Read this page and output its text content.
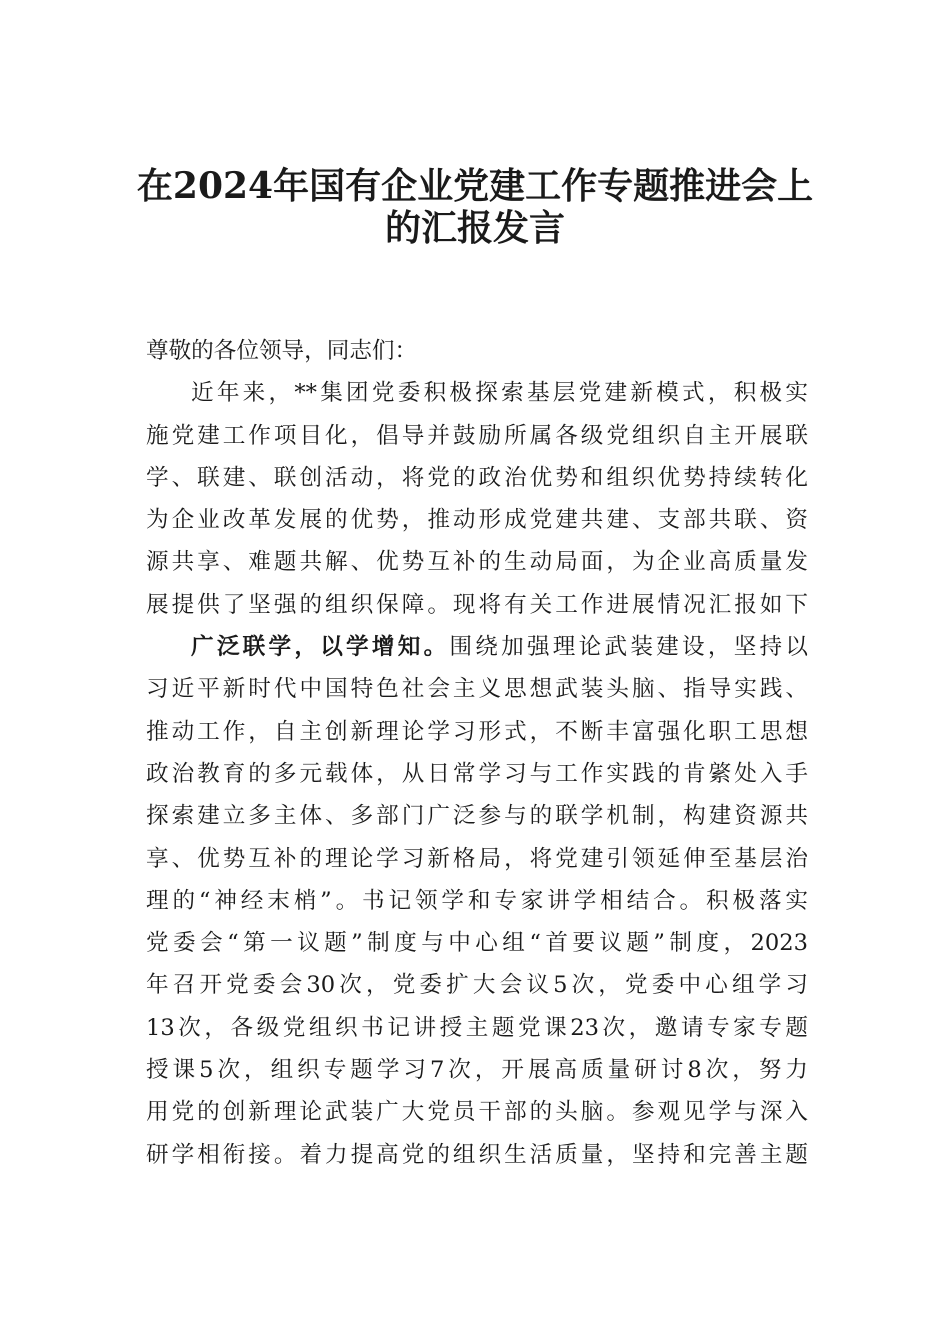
在2024年国有企业党建工作专题推进会上
的汇报发言
尊敬的各位领导，同志们：
近年来，**集团党委积极探索基层党建新模式，积极实
施党建工作项目化，倡导并鼓励所属各级党组织自主开展联
学、联建、联创活动，将党的政治优势和组织优势持续转化
为企业改革发展的优势，推动形成党建共建、支部共联、资
源共享、难题共解、优势互补的生动局面，为企业高质量发
展提供了坚强的组织保障。现将有关工作进展情况汇报如下
广泛联学，以学增知。围绕加强理论武装建设，坚持以
习近平新时代中国特色社会主义思想武装头脑、指导实践、
推动工作，自主创新理论学习形式，不断丰富强化职工思想
政治教育的多元载体，从日常学习与工作实践的肯綮处入手
探索建立多主体、多部门广泛参与的联学机制，构建资源共
享、优势互补的理论学习新格局，将党建引领延伸至基层治
理的“神经末梢”。书记领学和专家讲学相结合。积极落实
党委会“第一议题”制度与中心组“首要议题”制度，2023
年召开党委会30次，党委扩大会议5次，党委中心组学习
13次，各级党组织书记讲授主题党课23次，邀请专家专题
授课5次，组织专题学习7次，开展高质量研讨8次，努力
用党的创新理论武装广大党员干部的头脑。参观见学与深入
研学相衔接。着力提高党的组织生活质量，坚持和完善主题
